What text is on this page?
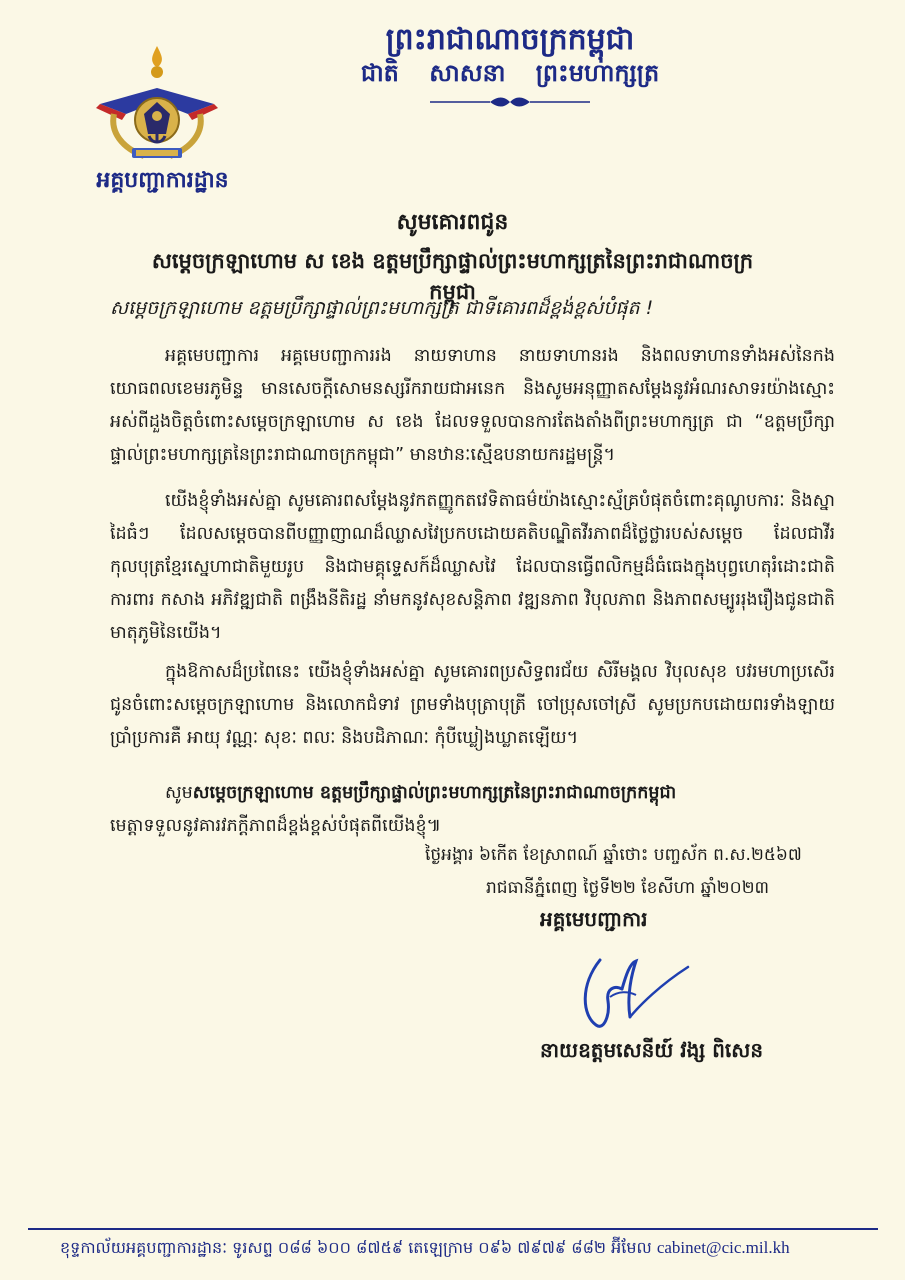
អគ្គបញ្ជាការដ្ឋាន
ព្រះរាជាណាចក្រកម្ពុជា
ជាតិ សាសនា ព្រះមហាក្សត្រ
សូមគោរពជូន
សម្តេចក្រឡាហោម ស ខេង ឧត្តមប្រឹក្សាផ្ទាល់ព្រះមហាក្សត្រនៃព្រះរាជាណាចក្រកម្ពុជា
សម្តេចក្រឡាហោម ឧត្តមប្រឹក្សាផ្ទាល់ព្រះមហាក្សត្រ ជាទីគោរពដ៏ខ្ពង់ខ្ពស់បំផុត !
អគ្គមេបញ្ជាការ អគ្គមេបញ្ជាការរង នាយទាហាន នាយទាហានរង និងពលទាហានទាំងអស់នៃកងយោធពលខេមរភូមិន្ទ មានសេចក្តីសោមនស្សរីករាយជាអនេក និងសូមអនុញ្ញាតសម្តែងនូវអំណរសាទរយ៉ាងស្មោះអស់ពីដួងចិត្តចំពោះសម្តេចក្រឡាហោម ស ខេង ដែលទទួលបានការតែងតាំងពីព្រះមហាក្សត្រ ជា “ឧត្តមប្រឹក្សាផ្ទាល់ព្រះមហាក្សត្រនៃព្រះរាជាណាចក្រកម្ពុជា” មានឋានៈស្មើឧបនាយករដ្ឋមន្ត្រី។
យើងខ្ញុំទាំងអស់គ្នា សូមគោរពសម្តែងនូវកតញ្ញូកតវេទិតាធម៌យ៉ាងស្មោះស្ម័គ្របំផុតចំពោះគុណូបការៈ និងស្នាដៃធំៗ ដែលសម្តេចបានពីបញ្ញាញាណដ៏ឈ្លាសវៃប្រកបដោយគតិបណ្ឌិតវីរភាពដ៏ថ្លៃថ្លារបស់សម្តេច ដែលជាវីរកុលបុត្រខ្មែរស្នេហាជាតិមួយរូប និងជាមគ្គុទ្ទេសក៍ដ៏ឈ្លាសវៃ ដែលបានធ្វើពលិកម្មដ៏ធំធេងក្នុងបុព្វហេតុរំដោះជាតិ ការពារ កសាង អភិវឌ្ឍជាតិ ពង្រឹងនីតិរដ្ឋ នាំមកនូវសុខសន្តិភាព វឌ្ឍនភាព វិបុលភាព និងភាពសម្បូររុងរឿងជូនជាតិ មាតុភូមិនៃយើង។
ក្នុងឱកាសដ៏ប្រពៃនេះ យើងខ្ញុំទាំងអស់គ្នា សូមគោរពប្រសិទ្ធពរជ័យ សិរីមង្គល វិបុលសុខ បវរមហាប្រសើរ ជូនចំពោះសម្តេចក្រឡាហោម និងលោកជំទាវ ព្រមទាំងបុត្រាបុត្រី ចៅប្រុសចៅស្រី សូមប្រកបដោយពរទាំងឡាយប្រាំប្រការគឺ អាយុ វណ្ណៈ សុខៈ ពលៈ និងបដិភាណៈ កុំបីឃ្លៀងឃ្លាតឡើយ។
សូមសម្តេចក្រឡាហោម ឧត្តមប្រឹក្សាផ្ទាល់ព្រះមហាក្សត្រនៃព្រះរាជាណាចក្រកម្ពុជា
មេត្តាទទួលនូវគារវភក្តីភាពដ៏ខ្ពង់ខ្ពស់បំផុតពីយើងខ្ញុំ៕
ថ្ងៃអង្គារ ៦កើត ខែស្រាពណ៍ ឆ្នាំថោះ បញ្ចស័ក ព.ស.២៥៦៧
រាជធានីភ្នំពេញ ថ្ងៃទី២២ ខែសីហា ឆ្នាំ២០២៣
អគ្គមេបញ្ជាការ
នាយឧត្តមសេនីយ៍ វង្ស ពិសេន
ខុទ្ទកាល័យអគ្គបញ្ជាការដ្ឋានៈ ទូរសព្ទ ០៨៨ ៦០០ ៨៧៥៩ តេឡេក្រាម ០៩៦ ៧៩៧៩ ៨៨២ អ៊ីមែល cabinet@cic.mil.kh
